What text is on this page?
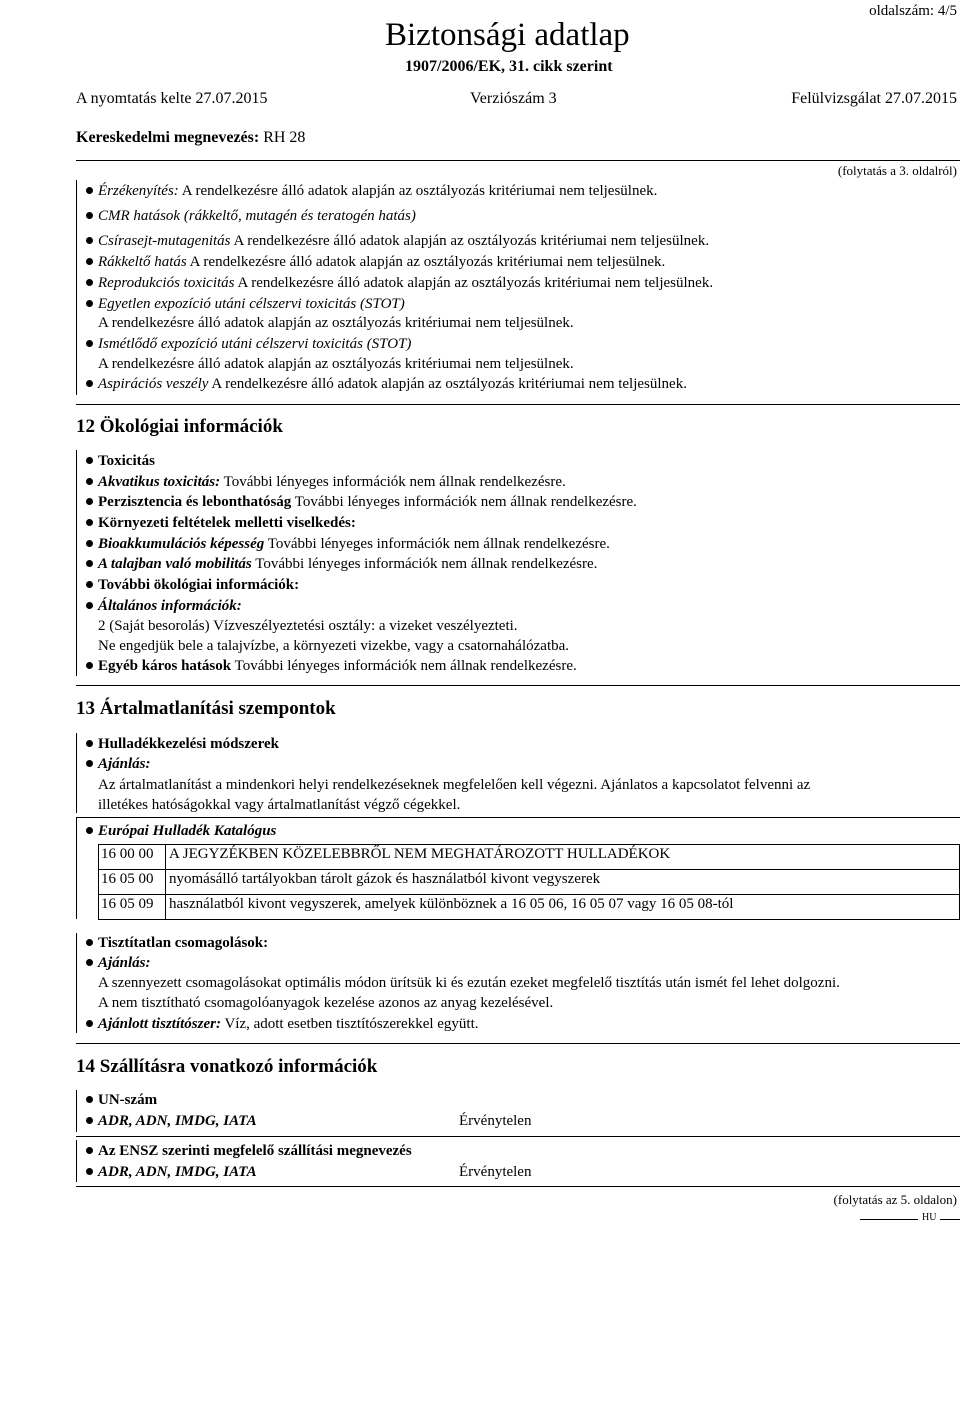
oldalszám: 4/5
Biztonsági adatlap
1907/2006/EK, 31. cikk szerint
A nyomtatás kelte 27.07.2015	Verziószám 3	Felülvizsgálat 27.07.2015
Kereskedelmi megnevezés: RH 28
(folytatás a 3. oldalról)
Érzékenyítés: A rendelkezésre álló adatok alapján az osztályozás kritériumai nem teljesülnek.
CMR hatások (rákkeltő, mutagén és teratogén hatás)
Csírasejt-mutagenitás A rendelkezésre álló adatok alapján az osztályozás kritériumai nem teljesülnek.
Rákkeltő hatás A rendelkezésre álló adatok alapján az osztályozás kritériumai nem teljesülnek.
Reprodukciós toxicitás A rendelkezésre álló adatok alapján az osztályozás kritériumai nem teljesülnek.
Egyetlen expozíció utáni célszervi toxicitás (STOT)
A rendelkezésre álló adatok alapján az osztályozás kritériumai nem teljesülnek.
Ismétlődő expozíció utáni célszervi toxicitás (STOT)
A rendelkezésre álló adatok alapján az osztályozás kritériumai nem teljesülnek.
Aspirációs veszély A rendelkezésre álló adatok alapján az osztályozás kritériumai nem teljesülnek.
12 Ökológiai információk
Toxicitás
Akvatikus toxicitás: További lényeges információk nem állnak rendelkezésre.
Perzisztencia és lebonthatóság További lényeges információk nem állnak rendelkezésre.
Környezeti feltételek melletti viselkedés:
Bioakkumulációs képesség További lényeges információk nem állnak rendelkezésre.
A talajban való mobilitás További lényeges információk nem állnak rendelkezésre.
További ökológiai információk:
Általános információk:
2 (Saját besorolás) Vízveszélyeztetési osztály: a vizeket veszélyezteti.
Ne engedjük bele a talajvízbe, a környezeti vizekbe, vagy a csatornahálózatba.
Egyéb káros hatások További lényeges információk nem állnak rendelkezésre.
13 Ártalmatlanítási szempontok
Hulladékkezelési módszerek
Ajánlás:
Az ártalmatlanítást a mindenkori helyi rendelkezéseknek megfelelően kell végezni. Ajánlatos a kapcsolatot felvenni az
illetékes hatóságokkal vagy ártalmatlanítást végző cégekkel.
Európai Hulladék Katalógus
16 00 00 A JEGYZÉKBEN KÖZELEBBRŐL NEM MEGHATÁROZOTT HULLADÉKOK
16 05 00 nyomásálló tartályokban tárolt gázok és használatból kivont vegyszerek
16 05 09 használatból kivont vegyszerek, amelyek különböznek a 16 05 06, 16 05 07 vagy 16 05 08-tól
Tisztítatlan csomagolások:
Ajánlás:
A szennyezett csomagolásokat optimális módon ürítsük ki és ezután ezeket megfelelő tisztítás után ismét fel lehet dolgozni.
A nem tisztítható csomagolóanyagok kezelése azonos az anyag kezelésével.
Ajánlott tisztítószer: Víz, adott esetben tisztítószerekkel együtt.
14 Szállításra vonatkozó információk
UN-szám
ADR, ADN, IMDG, IATA	Érvénytelen
Az ENSZ szerinti megfelelő szállítási megnevezés
ADR, ADN, IMDG, IATA	Érvénytelen
(folytatás az 5. oldalon)
HU
